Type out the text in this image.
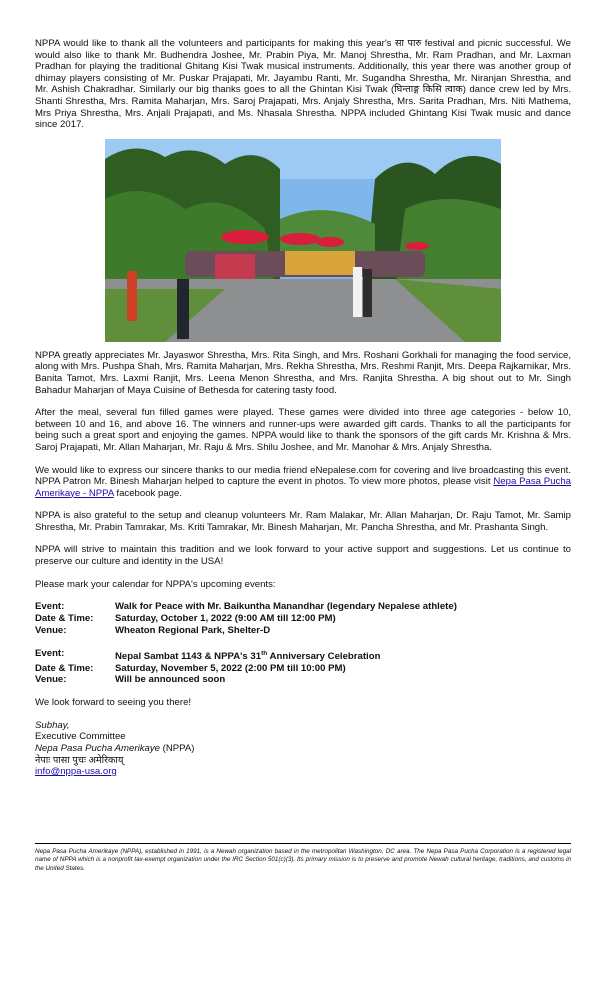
NPPA would like to thank all the volunteers and participants for making this year's सा पारु festival and picnic successful. We would also like to thank Mr. Budhendra Joshee, Mr. Prabin Piya, Mr. Manoj Shrestha, Mr. Ram Pradhan, and Mr. Laxman Pradhan for playing the traditional Ghitang Kisi Twak musical instruments. Additionally, this year there was another group of dhimay players consisting of Mr. Puskar Prajapati, Mr. Jayambu Ranti, Mr. Sugandha Shrestha, Mr. Niranjan Shrestha, and Mr. Ashish Chakradhar. Similarly our big thanks goes to all the Ghintan Kisi Twak (घिन्ताङ्ग किसि त्वाक) dance crew led by Mrs. Shanti Shrestha, Mrs. Ramita Maharjan, Mrs. Saroj Prajapati, Mrs. Anjaly Shrestha, Mrs. Sarita Pradhan, Mrs. Niti Mathema, Mrs Priya Shrestha, Mrs. Anjali Prajapati, and Ms. Nhasala Shrestha. NPPA included Ghintang Kisi Twak music and dance since 2017.

NPPA greatly appreciates Mr. Jayaswor Shrestha, Mrs. Rita Singh, and Mrs. Roshani Gorkhali for managing the food service, along with Mrs. Pushpa Shah, Mrs. Ramita Maharjan, Mrs. Rekha Shrestha, Mrs. Reshmi Ranjit, Mrs. Deepa Rajkarnikar, Mrs. Banita Tamot, Mrs. Laxmi Ranjit, Mrs. Leena Menon Shrestha, and Mrs. Ranjita Shrestha. A big shout out to Mr. Singh Bahadur Maharjan of Maya Cuisine of Bethesda for catering tasty food.

After the meal, several fun filled games were played. These games were divided into three age categories - below 10, between 10 and 16, and above 16. The winners and runner-ups were awarded gift cards. Thanks to all the participants for being such a great sport and enjoying the games. NPPA would like to thank the sponsors of the gift cards Mr. Krishna & Mrs. Saroj Prajapati, Mr. Allan Maharjan, Mr. Raju & Mrs. Shilu Joshee, and Mr. Manohar & Mrs. Anjaly Shrestha.

We would like to express our sincere thanks to our media friend eNepalese.com for covering and live broadcasting this event. NPPA Patron Mr. Binesh Maharjan helped to capture the event in photos. To view more photos, please visit Nepa Pasa Pucha Amerikaye - NPPA facebook page.

NPPA is also grateful to the setup and cleanup volunteers Mr. Ram Malakar, Mr. Allan Maharjan, Dr. Raju Tamot, Mr. Samip Shrestha, Mr. Prabin Tamrakar, Ms. Kriti Tamrakar, Mr. Binesh Maharjan, Mr. Pancha Shrestha, and Mr. Prashanta Singh.

NPPA will strive to maintain this tradition and we look forward to your active support and suggestions. Let us continue to preserve our culture and identity in the USA!

Please mark your calendar for NPPA's upcoming events:

Event:	Walk for Peace with Mr. Baikuntha Manandhar (legendary Nepalese athlete)
Date & Time:	Saturday, October 1, 2022 (9:00 AM till 12:00 PM)
Venue:	Wheaton Regional Park, Shelter-D
Event:	Nepal Sambat 1143 & NPPA's 31th Anniversary Celebration
Date & Time:	Saturday, November 5, 2022 (2:00 PM till 10:00 PM)
Venue:	Will be announced soon

We look forward to seeing you there!

Subhay,

Executive Committee

Nepa Pasa Pucha Amerikaye (NPPA)

नेपाः पासा पुचः अमेरिकाय्

info@nppa-usa.org

Nepa Pasa Pucha Amerikaye (NPPA), established in 1991, is a Newah organization based in the metropolitan Washington, DC area. The Nepa Pasa Pucha Corporation is a registered legal name of NPPA which is a nonprofit tax-exempt organization under the IRC Section 501(c)(3). Its primary mission is to preserve and promote Newah cultural heritage, traditions, and customs in the United States.
